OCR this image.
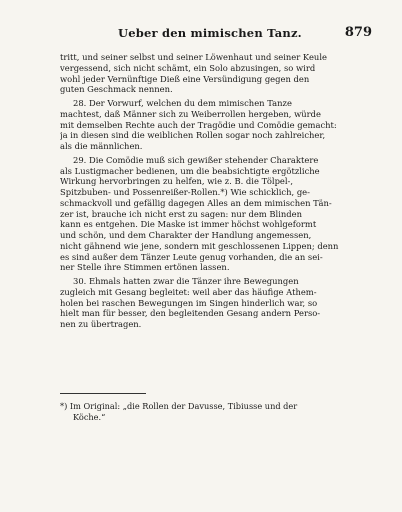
Ueber den mimischen Tanz.	879
tritt, und seiner selbst und seiner Löwenhaut und seiner Keule
vergessend, sich nicht schämt, ein Solo abzusingen, so wird
wohl jeder Vernünftige Dieß eine Versündigung gegen den
guten Geschmack nennen.
28. Der Vorwurf, welchen du dem mimischen Tanze
machtest, daß Männer sich zu Weiberrollen hergeben, würde
mit demselben Rechte auch der Tragödie und Comödie gemacht:
ja in diesen sind die weiblichen Rollen sogar noch zahlreicher,
als die männlichen.
29. Die Comödie muß sich gewißer stehender Charaktere
als Lustigmacher bedienen, um die beabsichtigte ergötzliche
Wirkung hervorbringen zu helfen, wie z. B. die Tölpel-,
Spitzbuben- und Possenreißer-Rollen.*) Wie schicklich, ge-
schmackvoll und gefällig dagegen Alles an dem mimischen Tän-
zer ist, brauche ich nicht erst zu sagen: nur dem Blinden
kann es entgehen. Die Maske ist immer höchst wohlgeformt
und schön, und dem Charakter der Handlung angemessen,
nicht gähnend wie jene, sondern mit geschlossenen Lippen; denn
es sind außer dem Tänzer Leute genug vorhanden, die an sei-
ner Stelle ihre Stimmen ertönen lassen.
30. Ehmals hatten zwar die Tänzer ihre Bewegungen
zugleich mit Gesang begleitet: weil aber das häufige Athem-
holen bei raschen Bewegungen im Singen hinderlich war, so
hielt man für besser, den begleitenden Gesang andern Perso-
nen zu übertragen.
*) Im Original: „die Rollen der Davusse, Tibiusse und der
Köche.“
